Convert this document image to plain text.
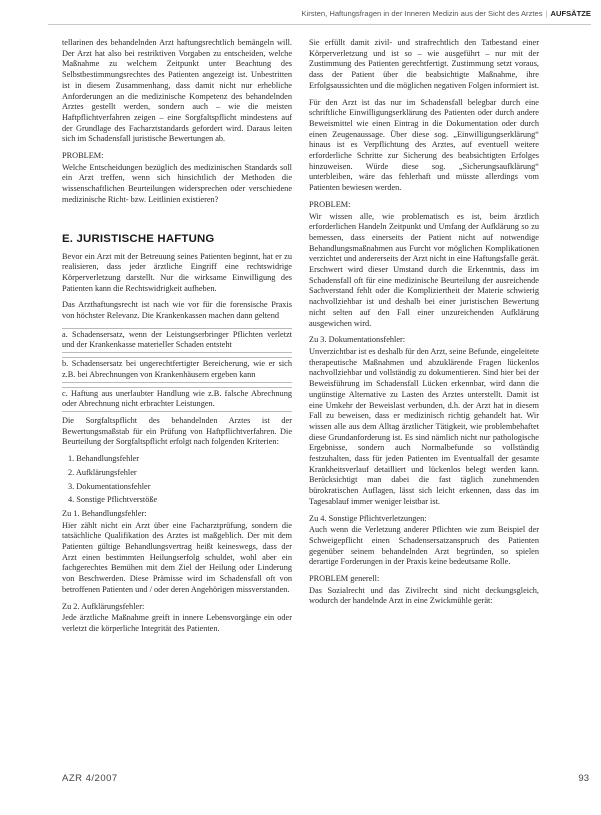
Kirsten, Haftungsfragen in der Inneren Medizin aus der Sicht des Arztes | AUFSÄTZE

tellarinen des behandelnden Arzt haftungsrechtlich bemängeln will. Der Arzt hat also bei restriktiven Vorgaben zu entscheiden, welche Maßnahme zu welchem Zeitpunkt unter Beachtung des Selbstbestimmungsrechtes des Patienten angezeigt ist. Unbestritten ist in diesem Zusammenhang, dass damit nicht nur erhebliche Anforderungen an die medizinische Kompetenz des behandelnden Arztes gestellt werden, sondern auch – wie die meisten Haftpflichtverfahren zeigen – eine Sorgfaltspflicht mindestens auf der Grundlage des Facharztstandards gefordert wird. Daraus leiten sich im Schadensfall juristische Bewertungen ab.

PROBLEM:

Welche Entscheidungen bezüglich des medizinischen Standards soll ein Arzt treffen, wenn sich hinsichtlich der Methoden die wissenschaftlichen Beurteilungen widersprechen oder verschiedene medizinische Richt- bzw. Leitlinien existieren?

E. JURISTISCHE HAFTUNG

Bevor ein Arzt mit der Betreuung seines Patienten beginnt, hat er zu realisieren, dass jeder ärztliche Eingriff eine rechtswidrige Körperverletzung darstellt. Nur die wirksame Einwilligung des Patienten kann die Rechtswidrigkeit aufheben.

Das Arzthaftungsrecht ist nach wie vor für die forensische Praxis von höchster Relevanz. Die Krankenkassen machen dann geltend

a. Schadensersatz, wenn der Leistungserbringer Pflichten verletzt und der Krankenkasse materieller Schaden entsteht

b. Schadensersatz bei ungerechtfertigter Bereicherung, wie er sich z.B. bei Abrechnungen von Krankenhäusern ergeben kann

c. Haftung aus unerlaubter Handlung wie z.B. falsche Abrechnung oder Abrechnung nicht erbrachter Leistungen.

Die Sorgfaltspflicht des behandelnden Arztes ist der Bewertungsmaßstab für ein Prüfung von Haftpflichtverfahren. Die Beurteilung der Sorgfaltspflicht erfolgt nach folgenden Kriterien:

1. Behandlungsfehler

2. Aufklärungsfehler

3. Dokumentationsfehler

4. Sonstige Pflichtverstöße

Zu 1. Behandlungsfehler:

Hier zählt nicht ein Arzt über eine Facharztprüfung, sondern die tatsächliche Qualifikation des Arztes ist maßgeblich. Der mit dem Patienten gültige Behandlungsvertrag heißt keineswegs, dass der Arzt einen bestimmten Heilungserfolg schuldet, wohl aber ein fachgerechtes Bemühen mit dem Ziel der Heilung oder Linderung von Beschwerden. Diese Prämisse wird im Schadensfall oft von betroffenen Patienten und / oder deren Angehörigen missverstanden.

Zu 2. Aufklärungsfehler:

Jede ärztliche Maßnahme greift in innere Lebensvorgänge ein oder verletzt die körperliche Integrität des Patienten.

Sie erfüllt damit zivil- und strafrechtlich den Tatbestand einer Körperverletzung und ist so – wie ausgeführt – nur mit der Zustimmung des Patienten gerechtfertigt. Zustimmung setzt voraus, dass der Patient über die beabsichtigte Maßnahme, ihre Erfolgsaussichten und die möglichen negativen Folgen informiert ist.

Für den Arzt ist das nur im Schadensfall belegbar durch eine schriftliche Einwilligungserklärung des Patienten oder durch andere Beweismittel wie einen Eintrag in die Dokumentation oder durch einen Zeugenaussage. Über diese sog. „Einwilligungserklärung“ hinaus ist es Verpflichtung des Arztes, auf eventuell weitere erforderliche Schritte zur Sicherung des beabsichtigten Erfolges hinzuweisen. Würde diese sog. „Sicherungsaufklärung“ unterbleiben, wäre das fehlerhaft und müsste allerdings vom Patienten bewiesen werden.

PROBLEM:

Wir wissen alle, wie problematisch es ist, beim ärztlich erforderlichen Handeln Zeitpunkt und Umfang der Aufklärung so zu bemessen, dass einerseits der Patient nicht auf notwendige Behandlungsmaßnahmen aus Furcht vor möglichen Komplikationen verzichtet und andererseits der Arzt nicht in eine Haftungsfalle gerät. Erschwert wird dieser Umstand durch die Erkenntnis, dass im Schadensfall oft für eine medizinische Beurteilung der ausreichende Sachverstand fehlt oder die Kompliziertheit der Materie schwierig nachvollziehbar ist und deshalb bei einer juristischen Bewertung nicht selten auf den Fall einer unzureichenden Aufklärung ausgewichen wird.

Zu 3. Dokumentationsfehler:

Unverzichtbar ist es deshalb für den Arzt, seine Befunde, eingeleitete therapeutische Maßnahmen und abzuklärende Fragen lückenlos nachvollziehbar und vollständig zu dokumentieren. Sind hier bei der Beweisführung im Schadensfall Lücken erkennbar, wird dann die ungünstige Alternative zu Lasten des Arztes unterstellt. Damit ist eine Umkehr der Beweislast verbunden, d.h. der Arzt hat in diesem Fall zu beweisen, dass er medizinisch richtig gehandelt hat. Wir wissen alle aus dem Alltag ärztlicher Tätigkeit, wie problembehaftet diese Grundanforderung ist. Es sind nämlich nicht nur pathologische Ergebnisse, sondern auch Normalbefunde so vollständig festzuhalten, dass für jeden Patienten im Eventualfall der gesamte Krankheitsverlauf detailliert und lückenlos belegt werden kann. Berücksichtigt man dabei die fast täglich zunehmenden bürokratischen Auflagen, lässt sich leicht erkennen, dass das im Tagesablauf immer weniger leistbar ist.

Zu 4. Sonstige Pflichtverletzungen:

Auch wenn die Verletzung anderer Pflichten wie zum Beispiel der Schweigepflicht einen Schadensersatzanspruch des Patienten gegenüber seinem behandelnden Arzt begründen, so spielen derartige Forderungen in der Praxis keine bedeutsame Rolle.

PROBLEM generell:

Das Sozialrecht und das Zivilrecht sind nicht deckungsgleich, wodurch der handelnde Arzt in eine Zwickmühle gerät:

AZR 4/2007	93
